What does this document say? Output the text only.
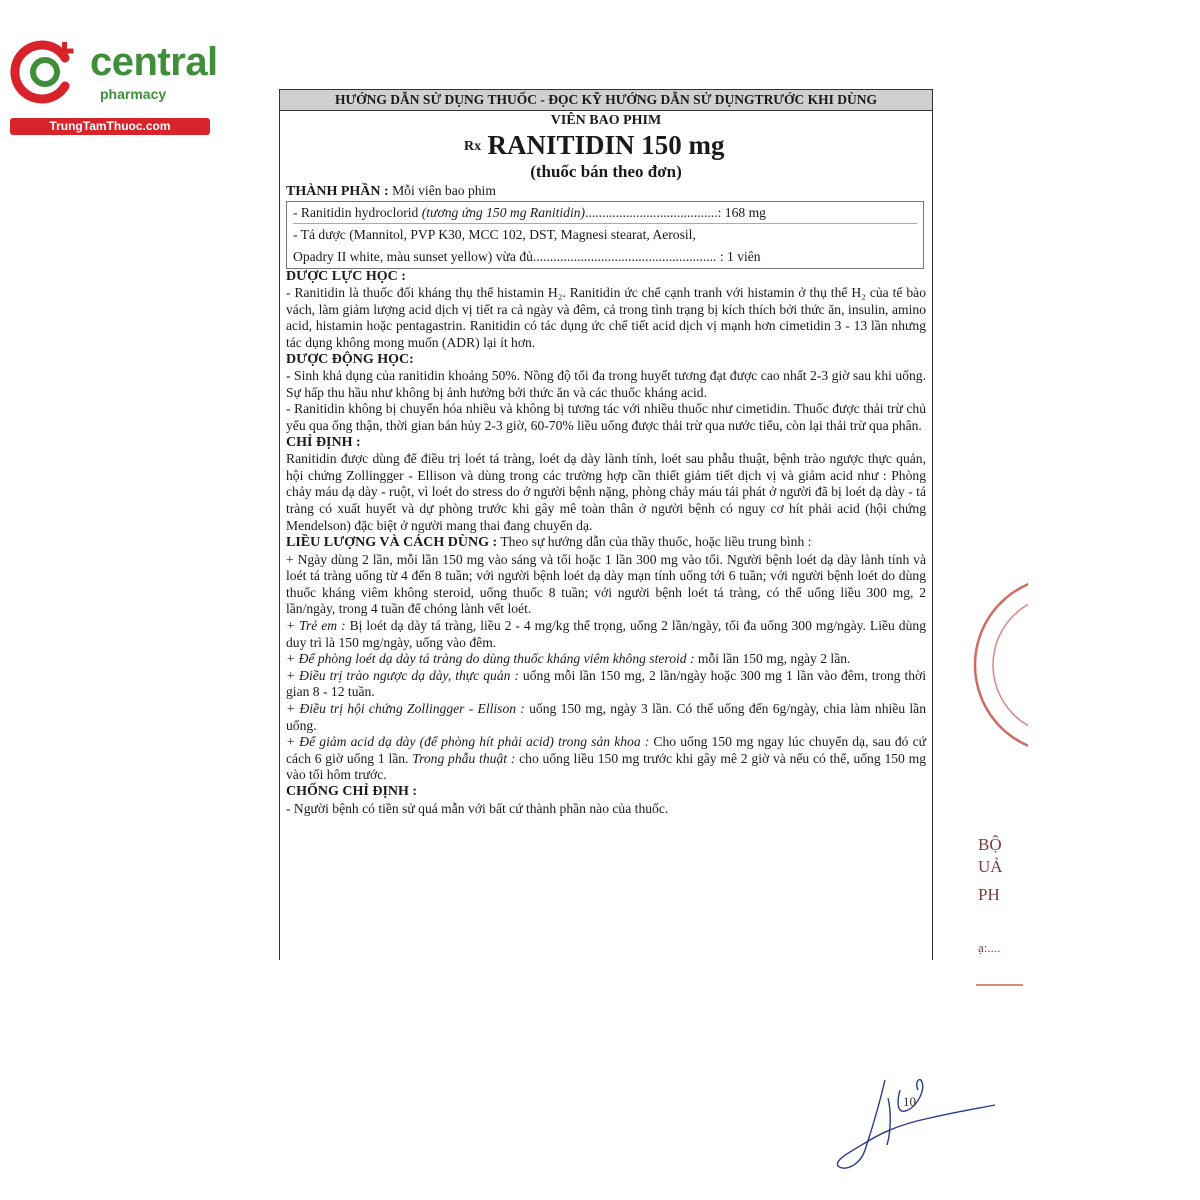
central
pharmacy
TrungTamThuoc.com
HƯỚNG DẪN SỬ DỤNG THUỐC - ĐỌC KỸ HƯỚNG DẪN SỬ DỤNGTRƯỚC KHI DÙNG
VIÊN BAO PHIM
Rx RANITIDIN 150 mg
(thuốc bán theo đơn)
THÀNH PHẦN : Mỗi viên bao phim
- Ranitidin hydroclorid (tương ứng 150 mg Ranitidin).......................................: 168 mg
- Tá dược (Mannitol, PVP K30, MCC 102, DST, Magnesi stearat, Aerosil,
Opadry II white, màu sunset yellow) vừa đủ...................................................... : 1 viên
DƯỢC LỰC HỌC :

- Ranitidin là thuốc đối kháng thụ thể histamin H₂. Ranitidin ức chế cạnh tranh với histamin ở thụ thể H₂ của tế bào vách, làm giảm lượng acid dịch vị tiết ra cả ngày và đêm, cả trong tình trạng bị kích thích bởi thức ăn, insulin, amino acid, histamin hoặc pentagastrin. Ranitidin có tác dụng ức chế tiết acid dịch vị mạnh hơn cimetidin 3 - 13 lần nhưng tác dụng không mong muốn (ADR) lại ít hơn.

DƯỢC ĐỘNG HỌC:

- Sinh khả dụng của ranitidin khoảng 50%. Nồng độ tối đa trong huyết tương đạt được cao nhất 2-3 giờ sau khi uống. Sự hấp thu hầu như không bị ảnh hưởng bởi thức ăn và các thuốc kháng acid.

- Ranitidin không bị chuyển hóa nhiều và không bị tương tác với nhiều thuốc như cimetidin. Thuốc được thải trừ chủ yếu qua ống thận, thời gian bán hủy 2-3 giờ, 60-70% liều uống được thải trừ qua nước tiểu, còn lại thải trừ qua phân.

CHỈ ĐỊNH :

Ranitidin được dùng để điều trị loét tá tràng, loét dạ dày lành tính, loét sau phẫu thuật, bệnh trào ngược thực quản, hội chứng Zollingger - Ellison và dùng trong các trường hợp cần thiết giảm tiết dịch vị và giảm acid như : Phòng chảy máu dạ dày - ruột, vì loét do stress do ở người bệnh nặng, phòng chảy máu tái phát ở người đã bị loét dạ dày - tá tràng có xuất huyết và dự phòng trước khi gây mê toàn thân ở người bệnh có nguy cơ hít phải acid (hội chứng Mendelson) đặc biệt ở người mang thai đang chuyển dạ.

LIỀU LƯỢNG VÀ CÁCH DÙNG : Theo sự hướng dẫn của thầy thuốc, hoặc liều trung bình :

+ Ngày dùng 2 lần, mỗi lần 150 mg vào sáng và tối hoặc 1 lần 300 mg vào tối. Người bệnh loét dạ dày lành tính và loét tá tràng uống từ 4 đến 8 tuần; với người bệnh loét dạ dày mạn tính uống tới 6 tuần; với người bệnh loét do dùng thuốc kháng viêm không steroid, uống thuốc 8 tuần; với người bệnh loét tá tràng, có thể uống liều 300 mg, 2 lần/ngày, trong 4 tuần để chóng lành vết loét.

+ Trẻ em : Bị loét dạ dày tá tràng, liều 2 - 4 mg/kg thể trọng, uống 2 lần/ngày, tối đa uống 300 mg/ngày. Liều dùng duy trì là 150 mg/ngày, uống vào đêm.

+ Để phòng loét dạ dày tá tràng do dùng thuốc kháng viêm không steroid : mỗi lần 150 mg, ngày 2 lần.

+ Điều trị trào ngược dạ dày, thực quản : uống mỗi lần 150 mg, 2 lần/ngày hoặc 300 mg 1 lần vào đêm, trong thời gian 8 - 12 tuần.

+ Điều trị hội chứng Zollingger - Ellison : uống 150 mg, ngày 3 lần. Có thể uống đến 6g/ngày, chia làm nhiều lần uống.

+ Để giảm acid dạ dày (để phòng hít phải acid) trong sản khoa : Cho uống 150 mg ngay lúc chuyển dạ, sau đó cứ cách 6 giờ uống 1 lần. Trong phẫu thuật : cho uống liều 150 mg trước khi gây mê 2 giờ và nếu có thể, uống 150 mg vào tối hôm trước.

CHỐNG CHỈ ĐỊNH :

- Người bệnh có tiền sử quá mẫn với bất cứ thành phần nào của thuốc.

BỘ
UẢ
PH
ạ:....
10
